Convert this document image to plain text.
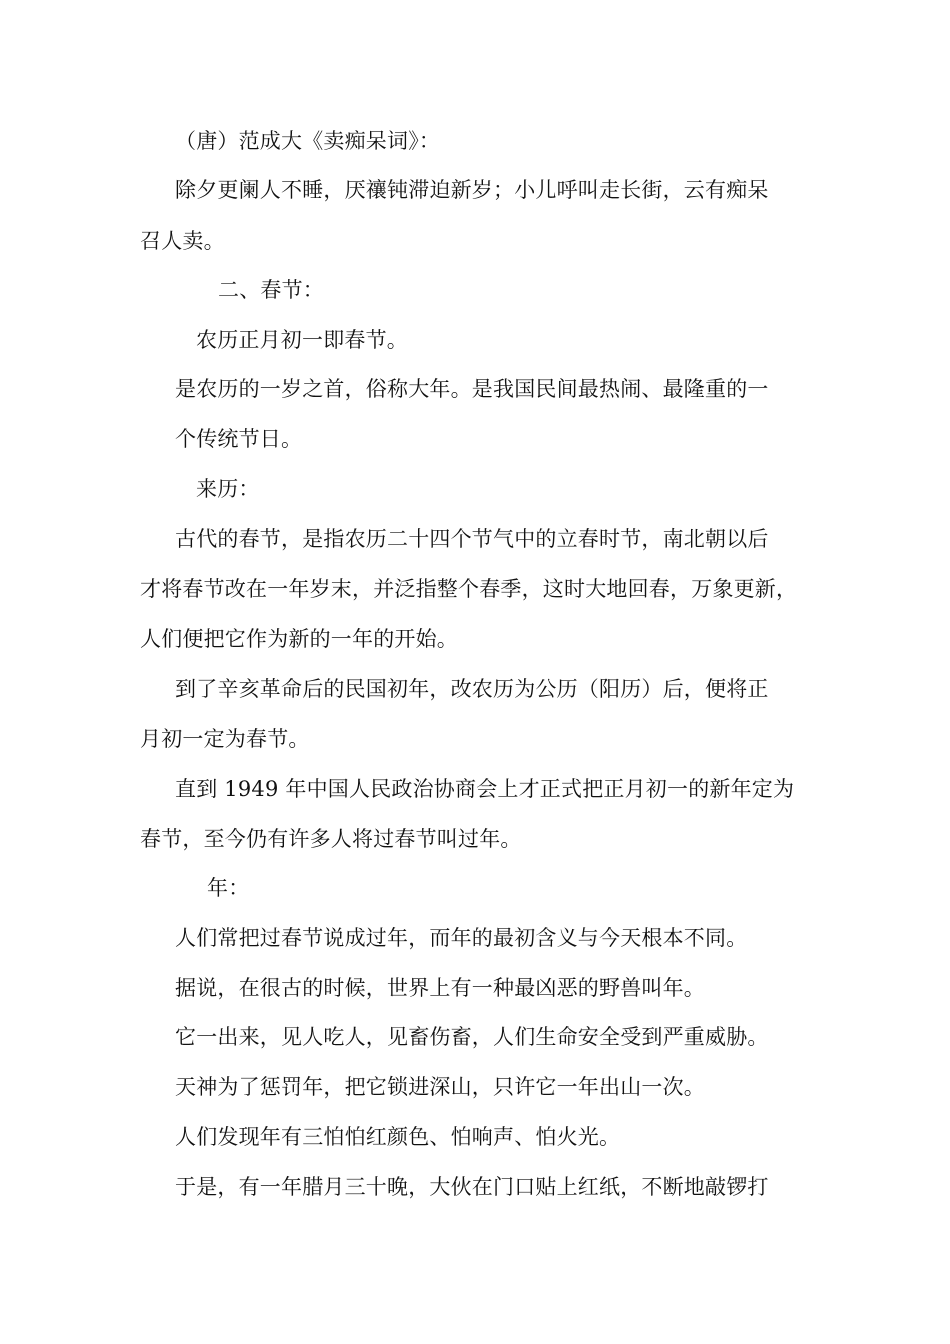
（唐）范成大《卖痴呆词》：
除夕更阑人不睡，厌禳钝滞迫新岁；小儿呼叫走长街，云有痴呆
召人卖。
二、春节：
农历正月初一即春节。
是农历的一岁之首，俗称大年。是我国民间最热闹、最隆重的一
个传统节日。
来历：
古代的春节，是指农历二十四个节气中的立春时节，南北朝以后
才将春节改在一年岁末，并泛指整个春季，这时大地回春，万象更新，
人们便把它作为新的一年的开始。
到了辛亥革命后的民国初年，改农历为公历（阳历）后，便将正
月初一定为春节。
直到 1949 年中国人民政治协商会上才正式把正月初一的新年定为
春节，至今仍有许多人将过春节叫过年。
年：
人们常把过春节说成过年，而年的最初含义与今天根本不同。
据说，在很古的时候，世界上有一种最凶恶的野兽叫年。
它一出来，见人吃人，见畜伤畜，人们生命安全受到严重威胁。
天神为了惩罚年，把它锁进深山，只许它一年出山一次。
人们发现年有三怕怕红颜色、怕响声、怕火光。
于是，有一年腊月三十晚，大伙在门口贴上红纸，不断地敲锣打
